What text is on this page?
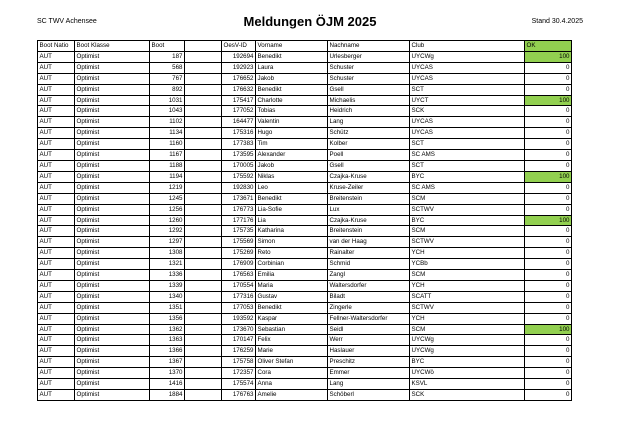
SC TWV Achensee	Meldungen ÖJM 2025	Stand 30.4.2025
Boot Natio	Boot Klasse	Boot		OesV-ID	Vorname	Nachname	Club	OK
AUT	Optimist	187		192694	Benedikt	Urlesberger	UYCWg	100
AUT	Optimist	568		192923	Laura	Schuster	UYCAS	0
AUT	Optimist	767		176652	Jakob	Schuster	UYCAS	0
AUT	Optimist	892		176632	Benedikt	Gsell	SCT	0
AUT	Optimist	1031		175417	Charlotte	Michaelis	UYCT	100
AUT	Optimist	1043		177052	Tobias	Heidrich	SCK	0
AUT	Optimist	1102		164477	Valentin	Lang	UYCAS	0
AUT	Optimist	1134		175316	Hugo	Schütz	UYCAS	0
AUT	Optimist	1160		177383	Tim	Kolber	SCT	0
AUT	Optimist	1167		173595	Alexander	Poell	SC AMS	0
AUT	Optimist	1188		170005	Jakob	Gsell	SCT	0
AUT	Optimist	1194		175592	Niklas	Czajka-Kruse	BYC	100
AUT	Optimist	1219		192830	Leo	Kruse-Zeiler	SC AMS	0
AUT	Optimist	1245		173671	Benedikt	Breitenstein	SCM	0
AUT	Optimist	1256		176773	Lia-Sofie	Lux	SCTWV	0
AUT	Optimist	1260		177176	Lia	Czajka-Kruse	BYC	100
AUT	Optimist	1292		175735	Katharina	Breitenstein	SCM	0
AUT	Optimist	1297		175569	Simon	van der Haag	SCTWV	0
AUT	Optimist	1308		175269	Reto	Rainalter	YCH	0
AUT	Optimist	1321		176909	Corbinian	Schmid	YCBb	0
AUT	Optimist	1336		176563	Emilia	Zangl	SCM	0
AUT	Optimist	1339		170554	Maria	Waltersdorfer	YCH	0
AUT	Optimist	1340		177316	Gustav	Biladt	SCATT	0
AUT	Optimist	1351		177053	Benedikt	Zingerle	SCTWV	0
AUT	Optimist	1356		193592	Kaspar	Fellner-Waltersdorfer	YCH	0
AUT	Optimist	1362		173670	Sebastian	Seidl	SCM	100
AUT	Optimist	1363		170147	Felix	Werr	UYCWg	0
AUT	Optimist	1366		176259	Marie	Haslauer	UYCWg	0
AUT	Optimist	1367		175758	Oliver Stefan	Preschitz	BYC	0
AUT	Optimist	1370		172357	Cora	Emmer	UYCWö	0
AUT	Optimist	1416		175574	Anna	Lang	KSVL	0
AUT	Optimist	1884		176763	Amelie	Schöberl	SCK	0
